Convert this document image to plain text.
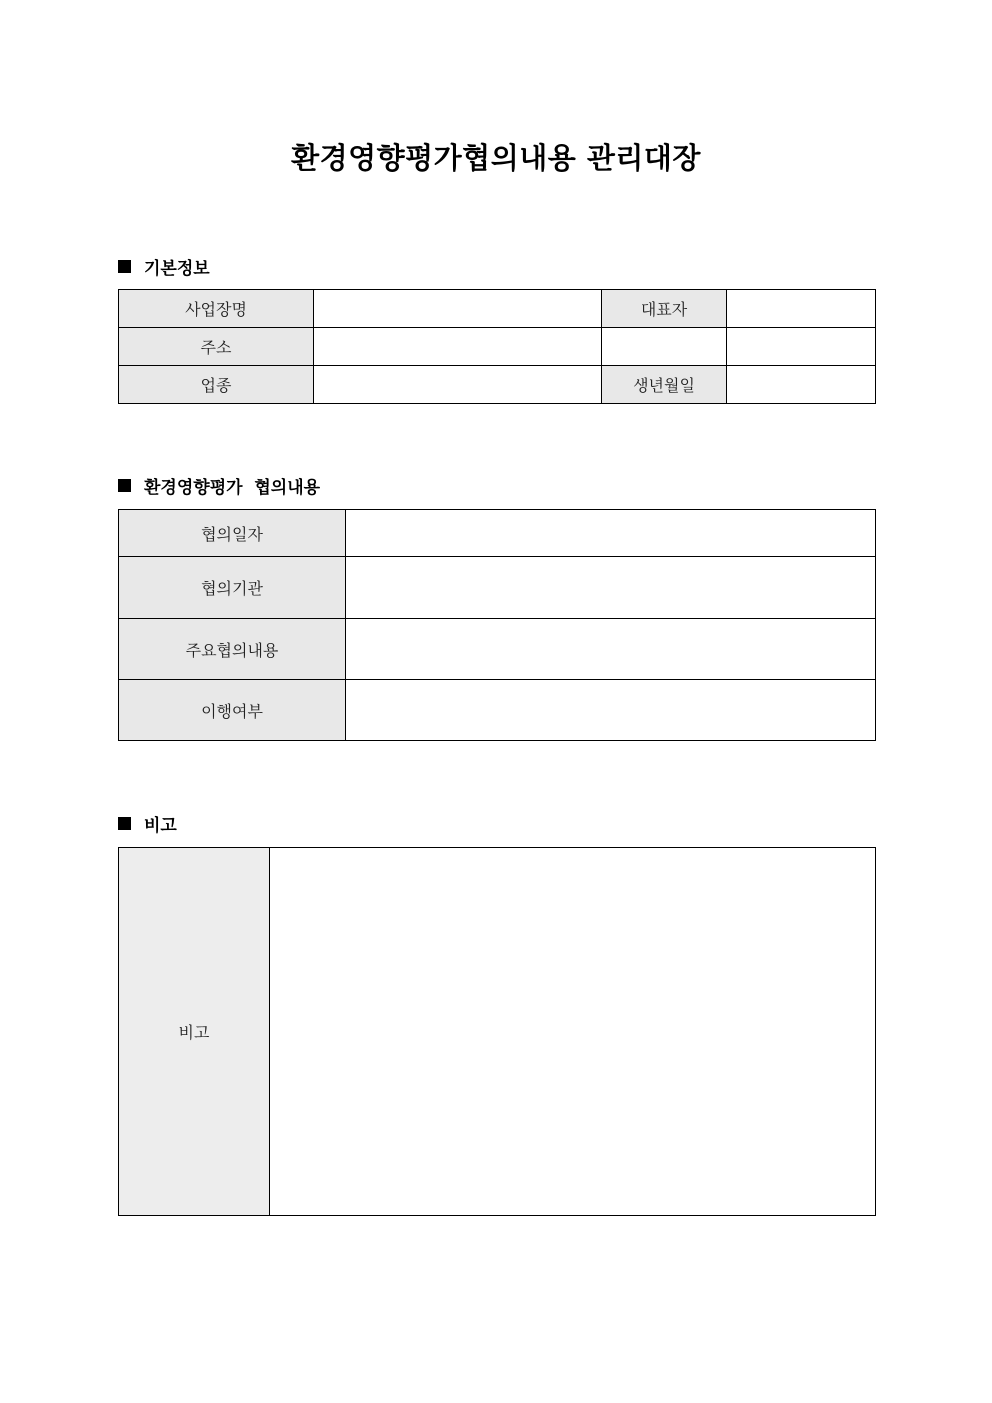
환경영향평가협의내용 관리대장
기본정보
사업장명		대표자	
주소			
업종		생년월일	
환경영향평가  협의내용
협의일자	
협의기관	
주요협의내용	
이행여부	
비고
비고	
